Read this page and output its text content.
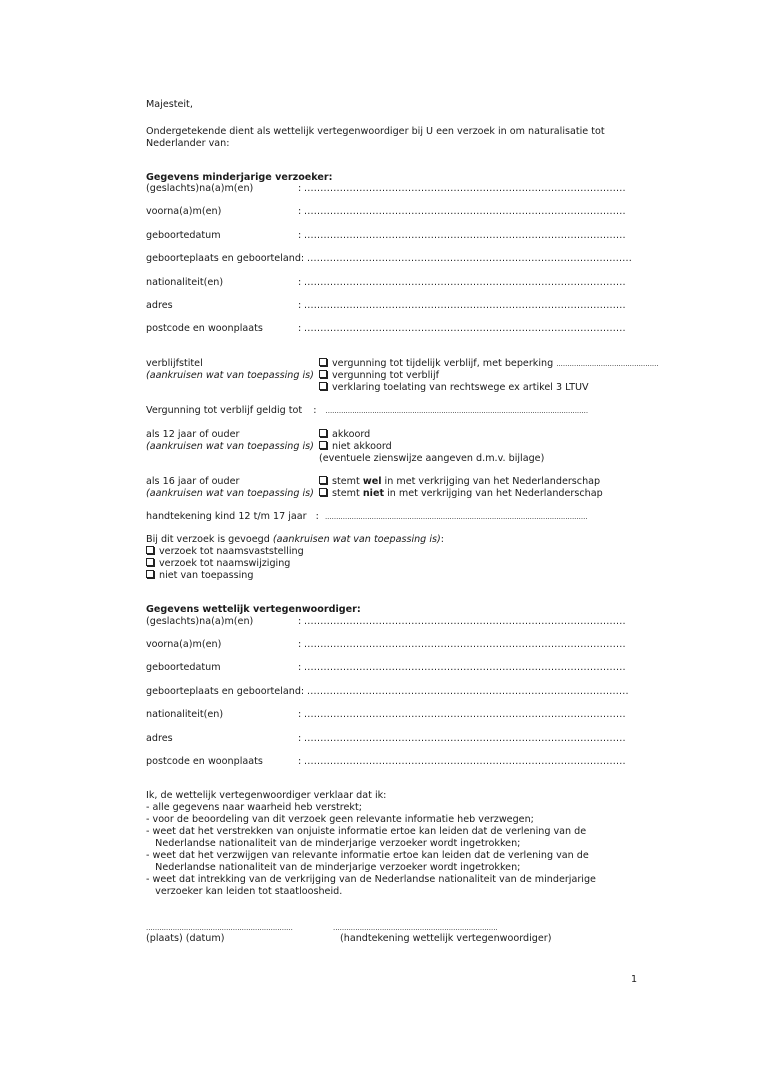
Majesteit,
Ondergetekende dient als wettelijk vertegenwoordiger bij U een verzoek in om naturalisatie tot
Nederlander van:
Gegevens minderjarige verzoeker:
(geslachts)na(a)m(en)	: ...................................................................................................
voorna(a)m(en)	: ...................................................................................................
geboortedatum	: ...................................................................................................
geboorteplaats en geboorteland: ....................................................................................................
nationaliteit(en)	: ...................................................................................................
adres	: ...................................................................................................
postcode en woonplaats	: ...................................................................................................
verblijfstitel
(aankruisen wat van toepassing is)
vergunning tot tijdelijk verblijf, met beperking ..............................................
vergunning tot verblijf
verklaring toelating van rechtswege ex artikel 3 LTUV
Vergunning tot verblijf geldig tot : ......................................................................................................................
als 12 jaar of ouder
(aankruisen wat van toepassing is)
akkoord
niet akkoord
(eventuele zienswijze aangeven d.m.v. bijlage)
als 16 jaar of ouder
(aankruisen wat van toepassing is)
stemt wel in met verkrijging van het Nederlanderschap
stemt niet in met verkrijging van het Nederlanderschap
handtekening kind 12 t/m 17 jaar : ......................................................................................................................
Bij dit verzoek is gevoegd (aankruisen wat van toepassing is):
verzoek tot naamsvaststelling
verzoek tot naamswijziging
niet van toepassing
Gegevens wettelijk vertegenwoordiger:
(geslachts)na(a)m(en)	: ...................................................................................................
voorna(a)m(en)	: ...................................................................................................
geboortedatum	: ...................................................................................................
geboorteplaats en geboorteland: ...................................................................................................
nationaliteit(en)	: ...................................................................................................
adres	: ...................................................................................................
postcode en woonplaats	: ...................................................................................................
Ik, de wettelijk vertegenwoordiger verklaar dat ik:
- alle gegevens naar waarheid heb verstrekt;
- voor de beoordeling van dit verzoek geen relevante informatie heb verzwegen;
- weet dat het verstrekken van onjuiste informatie ertoe kan leiden dat de verlening van de
Nederlandse nationaliteit van de minderjarige verzoeker wordt ingetrokken;
- weet dat het verzwijgen van relevante informatie ertoe kan leiden dat de verlening van de
Nederlandse nationaliteit van de minderjarige verzoeker wordt ingetrokken;
- weet dat intrekking van de verkrijging van de Nederlandse nationaliteit van de minderjarige
verzoeker kan leiden tot staatloosheid.
..................................................................
(plaats) (datum)
..........................................................................
(handtekening wettelijk vertegenwoordiger)
1
